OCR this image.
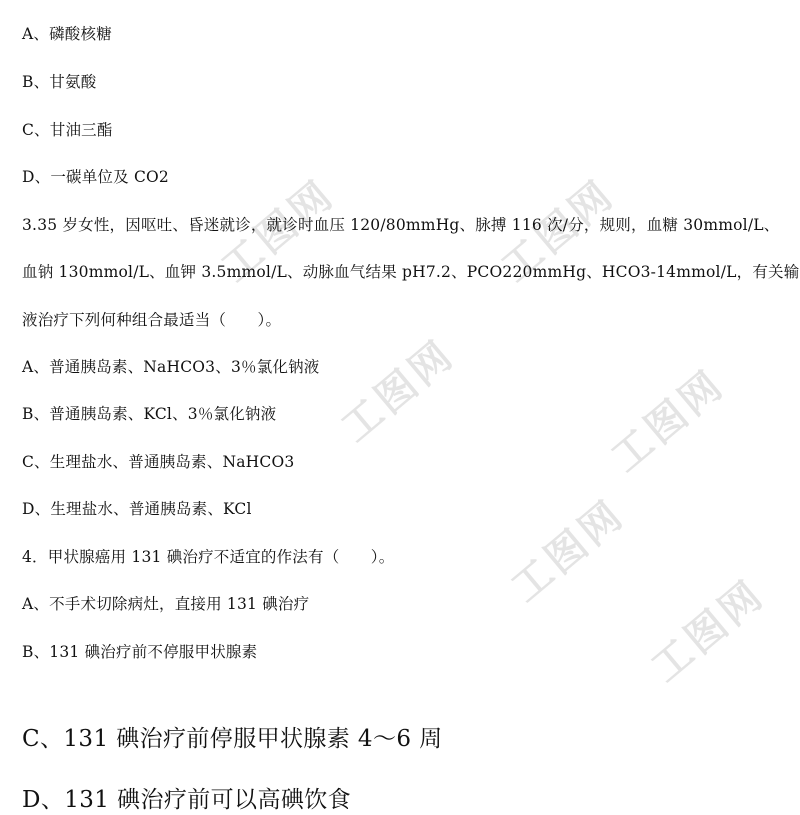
工图网	工图网
工图网	工图网
工图网
工图网
A、磷酸核糖
B、甘氨酸
C、甘油三酯
D、一碳单位及 CO2
3.35 岁女性，因呕吐、昏迷就诊，就诊时血压 120/80mmHg、脉搏 116 次/分，规则，血糖 30mmol/L、
血钠 130mmol/L、血钾 3.5mmol/L、动脉血气结果 pH7.2、PCO220mmHg、HCO3-14mmol/L，有关输
液治疗下列何种组合最适当（　　）。
A、普通胰岛素、NaHCO3、3％氯化钠液
B、普通胰岛素、KCl、3％氯化钠液
C、生理盐水、普通胰岛素、NaHCO3
D、生理盐水、普通胰岛素、KCl
4．甲状腺癌用 131 碘治疗不适宜的作法有（　　）。
A、不手术切除病灶，直接用 131 碘治疗
B、131 碘治疗前不停服甲状腺素
C、131 碘治疗前停服甲状腺素 4～6 周
D、131 碘治疗前可以高碘饮食
